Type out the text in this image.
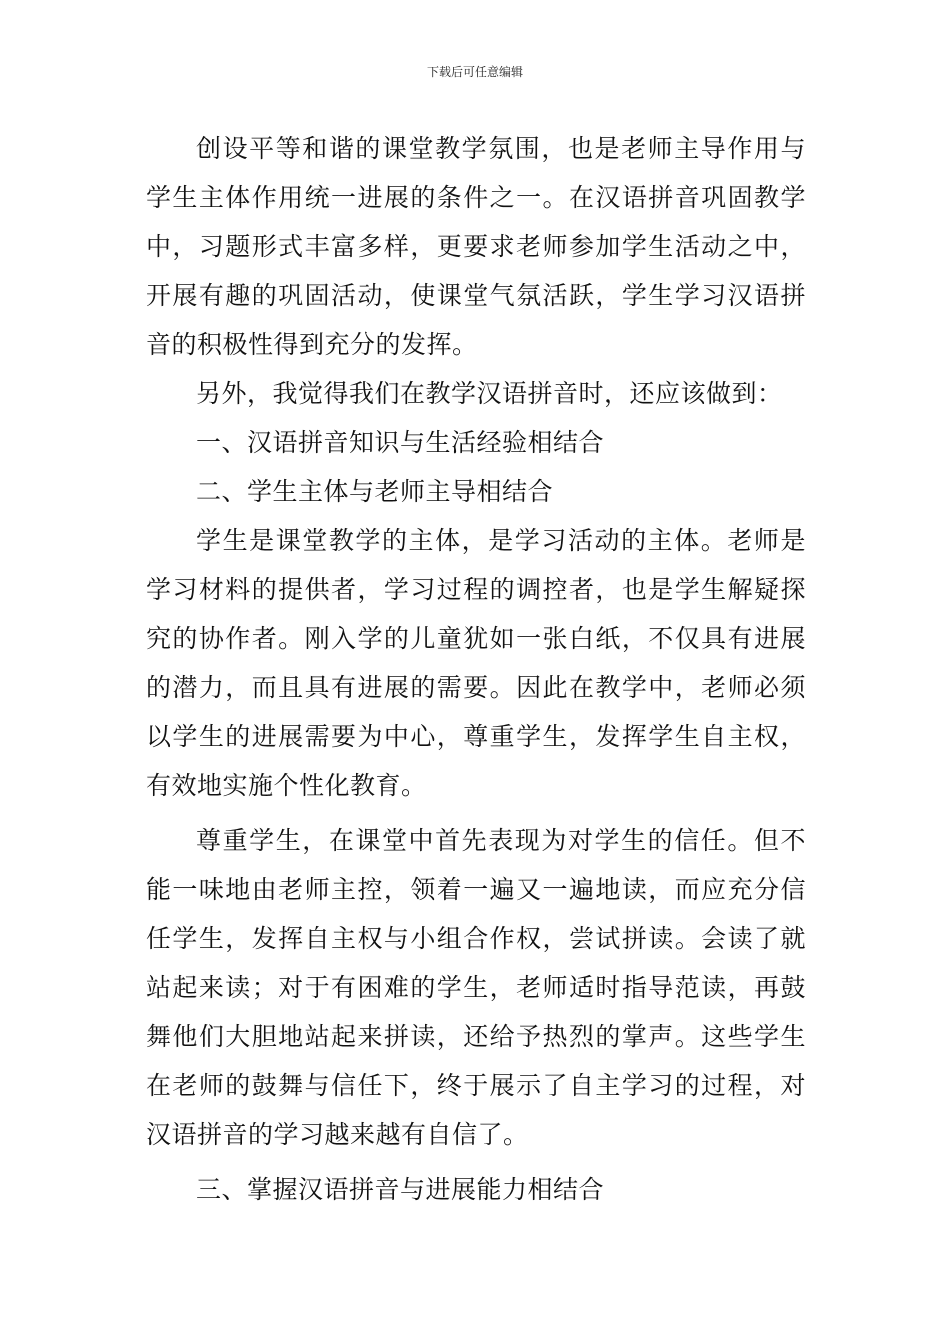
下载后可任意编辑

创设平等和谐的课堂教学氛围，也是老师主导作用与学生主体作用统一进展的条件之一。在汉语拼音巩固教学中，习题形式丰富多样，更要求老师参加学生活动之中，开展有趣的巩固活动，使课堂气氛活跃，学生学习汉语拼音的积极性得到充分的发挥。

另外，我觉得我们在教学汉语拼音时，还应该做到：

一、汉语拼音知识与生活经验相结合

二、学生主体与老师主导相结合

学生是课堂教学的主体，是学习活动的主体。老师是学习材料的提供者，学习过程的调控者，也是学生解疑探究的协作者。刚入学的儿童犹如一张白纸，不仅具有进展的潜力，而且具有进展的需要。因此在教学中，老师必须以学生的进展需要为中心，尊重学生，发挥学生自主权，有效地实施个性化教育。

尊重学生，在课堂中首先表现为对学生的信任。但不能一味地由老师主控，领着一遍又一遍地读，而应充分信任学生，发挥自主权与小组合作权，尝试拼读。会读了就站起来读；对于有困难的学生，老师适时指导范读，再鼓舞他们大胆地站起来拼读，还给予热烈的掌声。这些学生在老师的鼓舞与信任下，终于展示了自主学习的过程，对汉语拼音的学习越来越有自信了。

三、掌握汉语拼音与进展能力相结合
